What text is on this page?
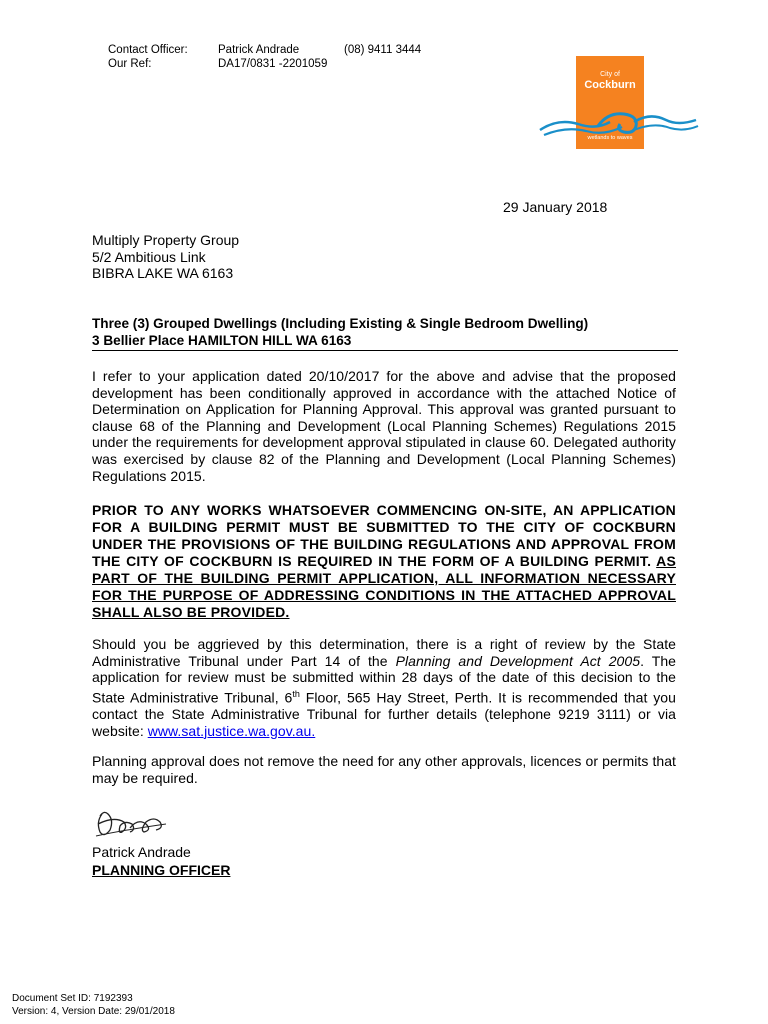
Contact Officer:	Patrick Andrade	(08) 9411 3444
Our Ref:	DA17/0831 -2201059
City of
Cockburn
wetlands to waves
29 January 2018
Multiply Property Group
5/2 Ambitious Link
BIBRA LAKE WA 6163
Three (3) Grouped Dwellings (Including Existing & Single Bedroom Dwelling)
3 Bellier Place HAMILTON HILL WA 6163
I refer to your application dated 20/10/2017 for the above and advise that the proposed development has been conditionally approved in accordance with the attached Notice of Determination on Application for Planning Approval. This approval was granted pursuant to clause 68 of the Planning and Development (Local Planning Schemes) Regulations 2015 under the requirements for development approval stipulated in clause 60. Delegated authority was exercised by clause 82 of the Planning and Development (Local Planning Schemes) Regulations 2015.
PRIOR TO ANY WORKS WHATSOEVER COMMENCING ON-SITE, AN APPLICATION FOR A BUILDING PERMIT MUST BE SUBMITTED TO THE CITY OF COCKBURN UNDER THE PROVISIONS OF THE BUILDING REGULATIONS AND APPROVAL FROM THE CITY OF COCKBURN IS REQUIRED IN THE FORM OF A BUILDING PERMIT. AS PART OF THE BUILDING PERMIT APPLICATION, ALL INFORMATION NECESSARY FOR THE PURPOSE OF ADDRESSING CONDITIONS IN THE ATTACHED APPROVAL SHALL ALSO BE PROVIDED.
Should you be aggrieved by this determination, there is a right of review by the State Administrative Tribunal under Part 14 of the Planning and Development Act 2005. The application for review must be submitted within 28 days of the date of this decision to the State Administrative Tribunal, 6th Floor, 565 Hay Street, Perth. It is recommended that you contact the State Administrative Tribunal for further details (telephone 9219 3111) or via website: www.sat.justice.wa.gov.au.
Planning approval does not remove the need for any other approvals, licences or permits that may be required.
Patrick Andrade
PLANNING OFFICER
Document Set ID: 7192393
Version: 4, Version Date: 29/01/2018
